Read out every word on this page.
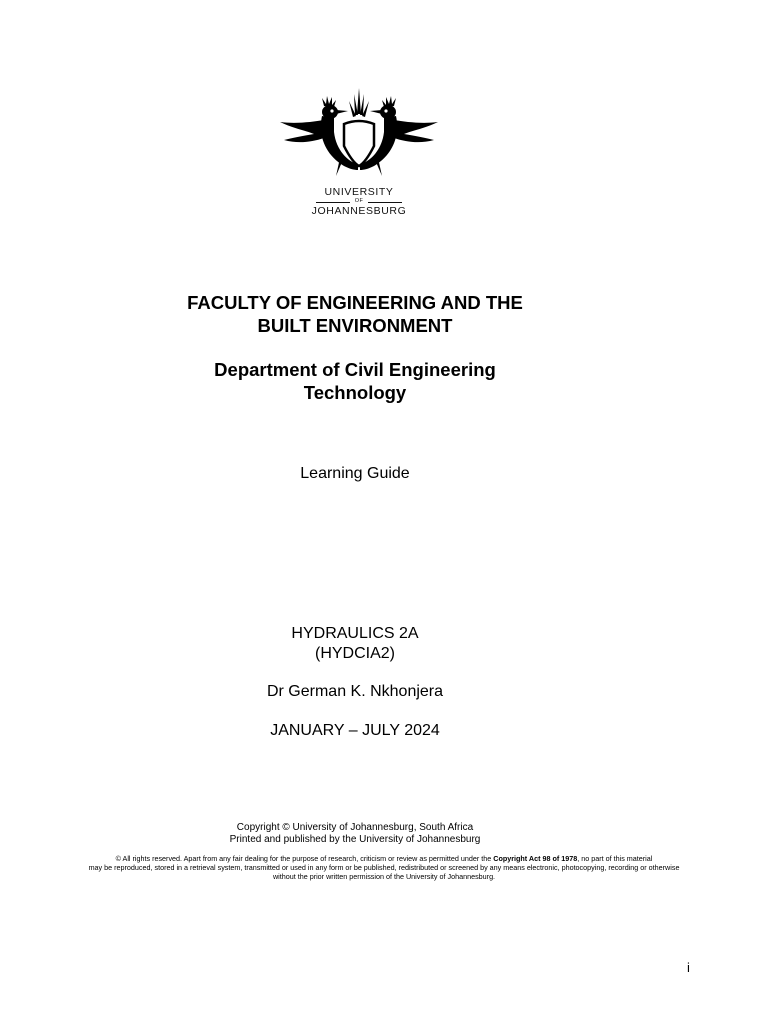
UNIVERSITY
OF
JOHANNESBURG
FACULTY OF ENGINEERING AND THE
BUILT ENVIRONMENT
Department of Civil Engineering
Technology
Learning Guide
HYDRAULICS 2A
(HYDCIA2)
Dr German K. Nkhonjera
JANUARY – JULY 2024
Copyright © University of Johannesburg, South Africa
Printed and published by the University of Johannesburg
© All rights reserved. Apart from any fair dealing for the purpose of research, criticism or review as permitted under the Copyright Act 98 of 1978, no part of this material
may be reproduced, stored in a retrieval system, transmitted or used in any form or be published, redistributed or screened by any means electronic, photocopying, recording or otherwise
without the prior written permission of the University of Johannesburg.
i
